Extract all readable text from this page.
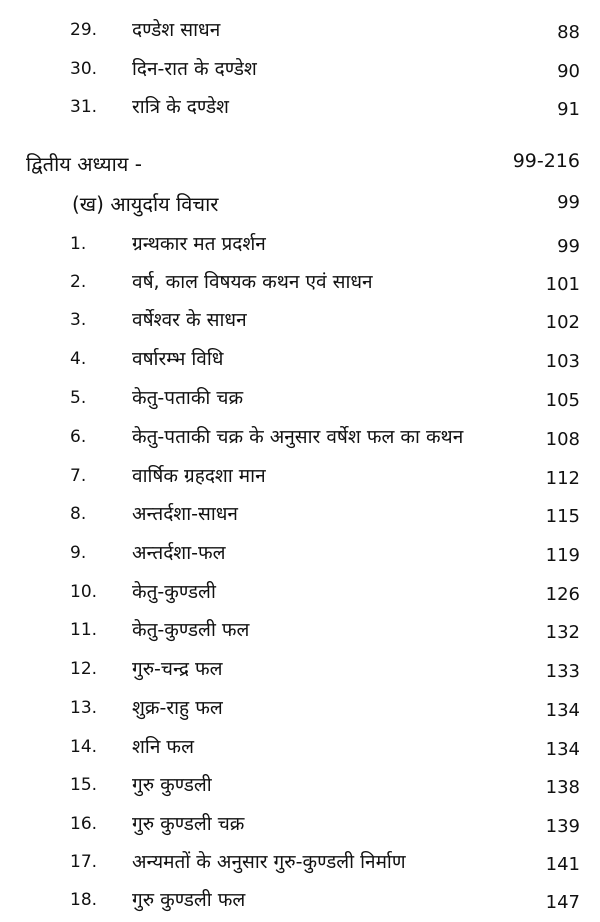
29. दण्डेश साधन	88
30. दिन-रात के दण्डेश	90
31. रात्रि के दण्डेश	91
द्वितीय अध्याय -	99-216
(ख) आयुर्दाय विचार	99
1. ग्रन्थकार मत प्रदर्शन	99
2. वर्ष, काल विषयक कथन एवं साधन	101
3. वर्षेश्वर के साधन	102
4. वर्षारम्भ विधि	103
5. केतु-पताकी चक्र	105
6. केतु-पताकी चक्र के अनुसार वर्षेश फल का कथन	108
7. वार्षिक ग्रहदशा मान	112
8. अन्तर्दशा-साधन	115
9. अन्तर्दशा-फल	119
10. केतु-कुण्डली	126
11. केतु-कुण्डली फल	132
12. गुरु-चन्द्र फल	133
13. शुक्र-राहु फल	134
14. शनि फल	134
15. गुरु कुण्डली	138
16. गुरु कुण्डली चक्र	139
17. अन्यमतों के अनुसार गुरु-कुण्डली निर्माण	141
18. गुरु कुण्डली फल	147
